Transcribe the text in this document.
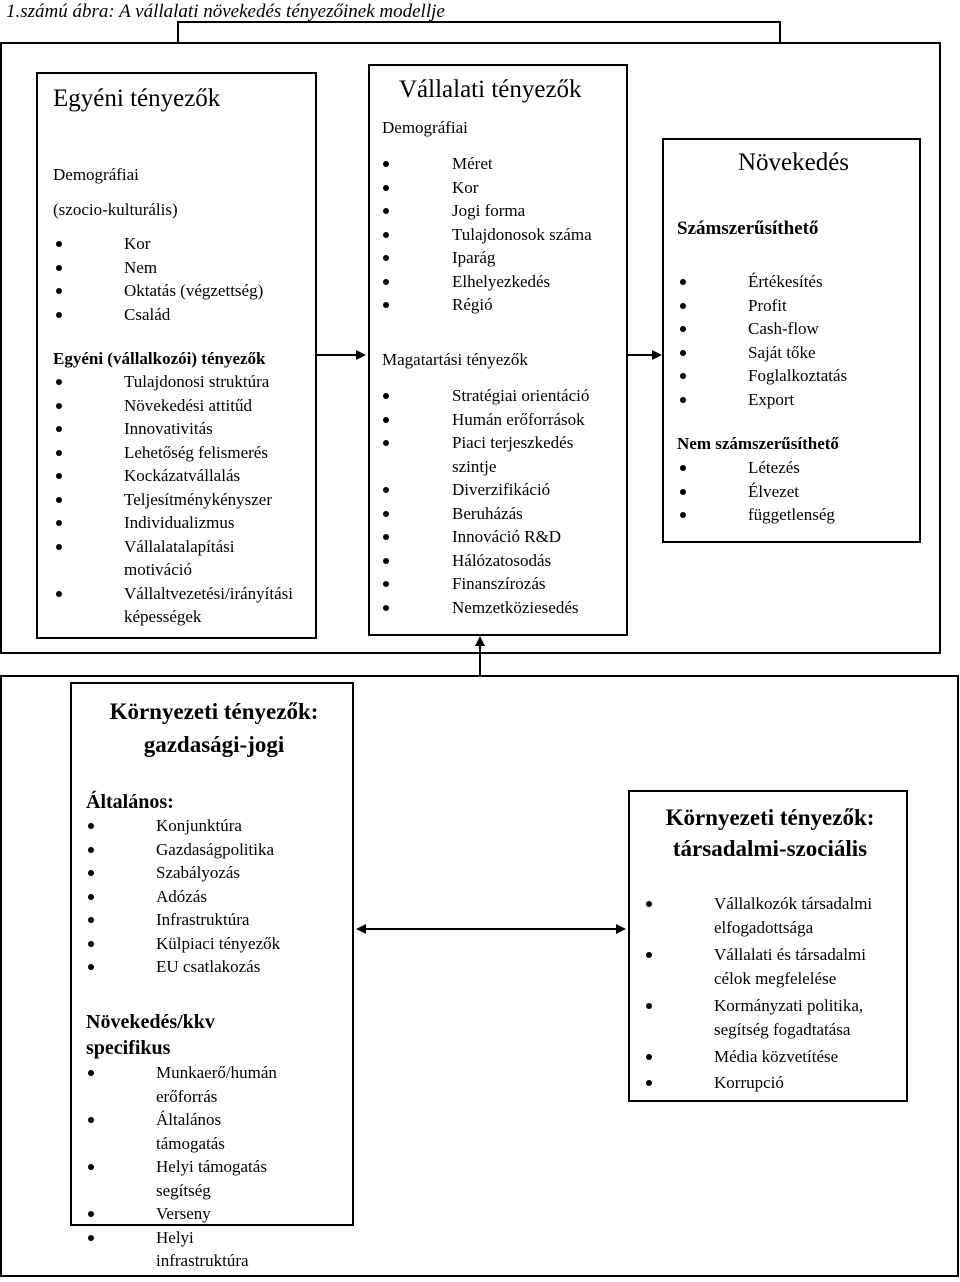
1.számú ábra: A vállalati növekedés tényezőinek modellje
Egyéni tényezők
Demográfiai
(szocio-kulturális)
Kor
Nem
Oktatás (végzettség)
Család
Egyéni (vállalkozói) tényezők
Tulajdonosi struktúra
Növekedési attitűd
Innovativitás
Lehetőség felismerés
Kockázatvállalás
Teljesítménykényszer
Individualizmus
Vállalatalapítási motiváció
Vállaltvezetési/irányítási képességek
Vállalati tényezők
Demográfiai
Méret
Kor
Jogi forma
Tulajdonosok száma
Iparág
Elhelyezkedés
Régió
Magatartási tényezők
Stratégiai orientáció
Humán erőforrások
Piaci terjeszkedés szintje
Diverzifikáció
Beruházás
Innováció R&D
Hálózatosodás
Finanszírozás
Nemzetköziesedés
Növekedés
Számszerűsíthető
Értékesítés
Profit
Cash-flow
Saját tőke
Foglalkoztatás
Export
Nem számszerűsíthető
Létezés
Élvezet
függetlenség
Környezeti tényezők:
gazdasági-jogi
Általános:
Konjunktúra
Gazdaságpolitika
Szabályozás
Adózás
Infrastruktúra
Külpiaci tényezők
EU csatlakozás
Növekedés/kkv
specifikus
Munkaerő/humán erőforrás
Általános támogatás
Helyi támogatás segítség
Verseny
Helyi infrastruktúra
Környezeti tényezők:
társadalmi-szociális
Vállalkozók társadalmi elfogadottsága
Vállalati és társadalmi célok megfelelése
Kormányzati politika, segítség fogadtatása
Média közvetítése
Korrupció
